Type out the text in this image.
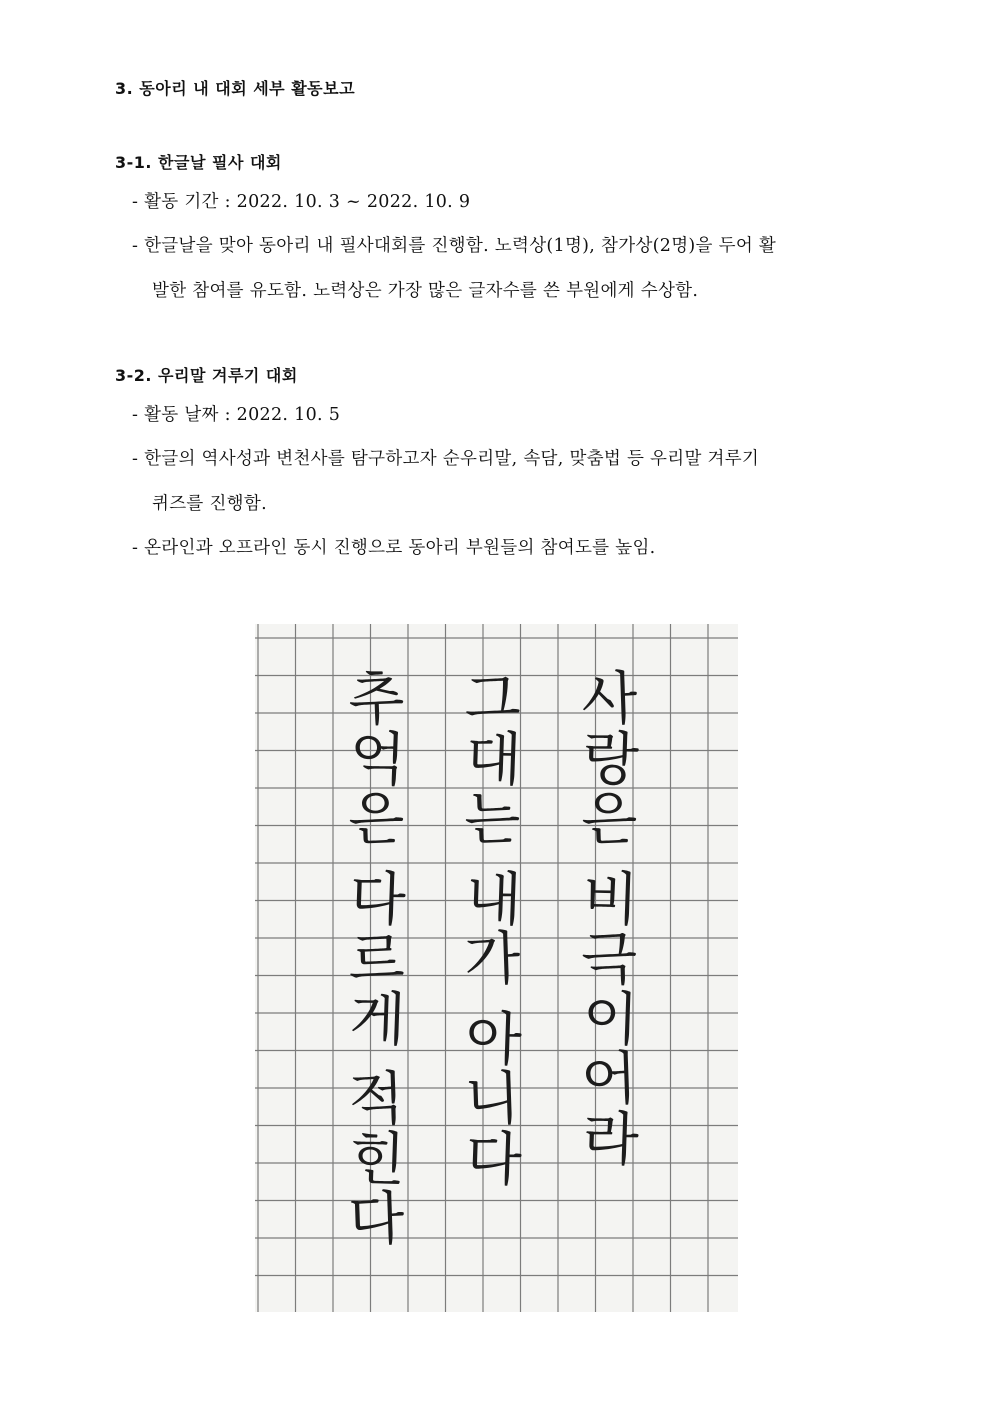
3. 동아리 내 대회 세부 활동보고
3-1. 한글날 필사 대회
- 활동 기간 : 2022. 10. 3 ~ 2022. 10. 9
- 한글날을 맞아 동아리 내 필사대회를 진행함. 노력상(1명), 참가상(2명)을 두어 활
발한 참여를 유도함. 노력상은 가장 많은 글자수를 쓴 부원에게 수상함.
3-2. 우리말 겨루기 대회
- 활동 날짜 : 2022. 10. 5
- 한글의 역사성과 변천사를 탐구하고자 순우리말, 속담, 맞춤법 등 우리말 겨루기
퀴즈를 진행함.
- 온라인과 오프라인 동시 진행으로 동아리 부원들의 참여도를 높임.
사
랑
은
비
극
이
어
라
그
대
는
내
가
아
니
다
추
억
은
다
르
게
적
힌
다
